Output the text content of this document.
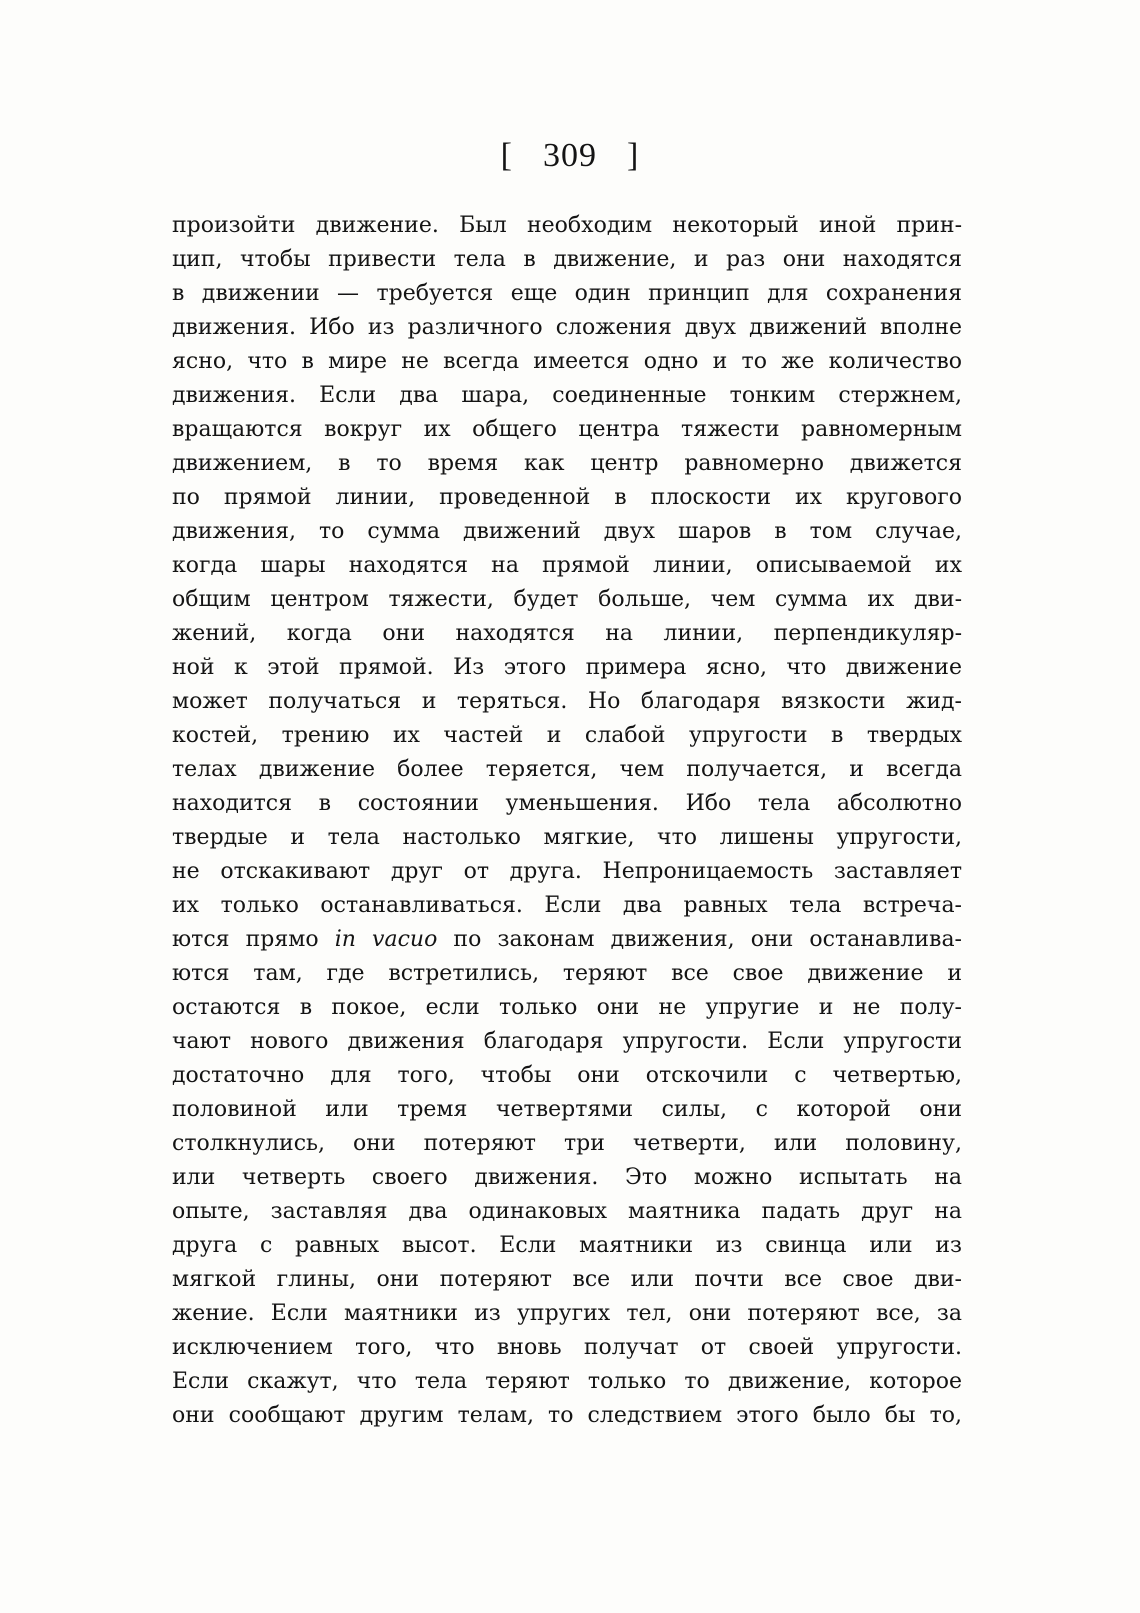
[ 309 ]
произойти движение. Был необходим некоторый иной прин-
цип, чтобы привести тела в движение, и раз они находятся
в движении — требуется еще один принцип для сохранения
движения. Ибо из различного сложения двух движений вполне
ясно, что в мире не всегда имеется одно и то же количество
движения. Если два шара, соединенные тонким стержнем,
вращаются вокруг их общего центра тяжести равномерным
движением, в то время как центр равномерно движется
по прямой линии, проведенной в плоскости их кругового
движения, то сумма движений двух шаров в том случае,
когда шары находятся на прямой линии, описываемой их
общим центром тяжести, будет больше, чем сумма их дви-
жений, когда они находятся на линии, перпендикуляр-
ной к этой прямой. Из этого примера ясно, что движение
может получаться и теряться. Но благодаря вязкости жид-
костей, трению их частей и слабой упругости в твердых
телах движение более теряется, чем получается, и всегда
находится в состоянии уменьшения. Ибо тела абсолютно
твердые и тела настолько мягкие, что лишены упругости,
не отскакивают друг от друга. Непроницаемость заставляет
их только останавливаться. Если два равных тела встреча-
ются прямо in vacuo по законам движения, они останавлива-
ются там, где встретились, теряют все свое движение и
остаются в покое, если только они не упругие и не полу-
чают нового движения благодаря упругости. Если упругости
достаточно для того, чтобы они отскочили с четвертью,
половиной или тремя четвертями силы, с которой они
столкнулись, они потеряют три четверти, или половину,
или четверть своего движения. Это можно испытать на
опыте, заставляя два одинаковых маятника падать друг на
друга с равных высот. Если маятники из свинца или из
мягкой глины, они потеряют все или почти все свое дви-
жение. Если маятники из упругих тел, они потеряют все, за
исключением того, что вновь получат от своей упругости.
Если скажут, что тела теряют только то движение, которое
они сообщают другим телам, то следствием этого было бы то,
